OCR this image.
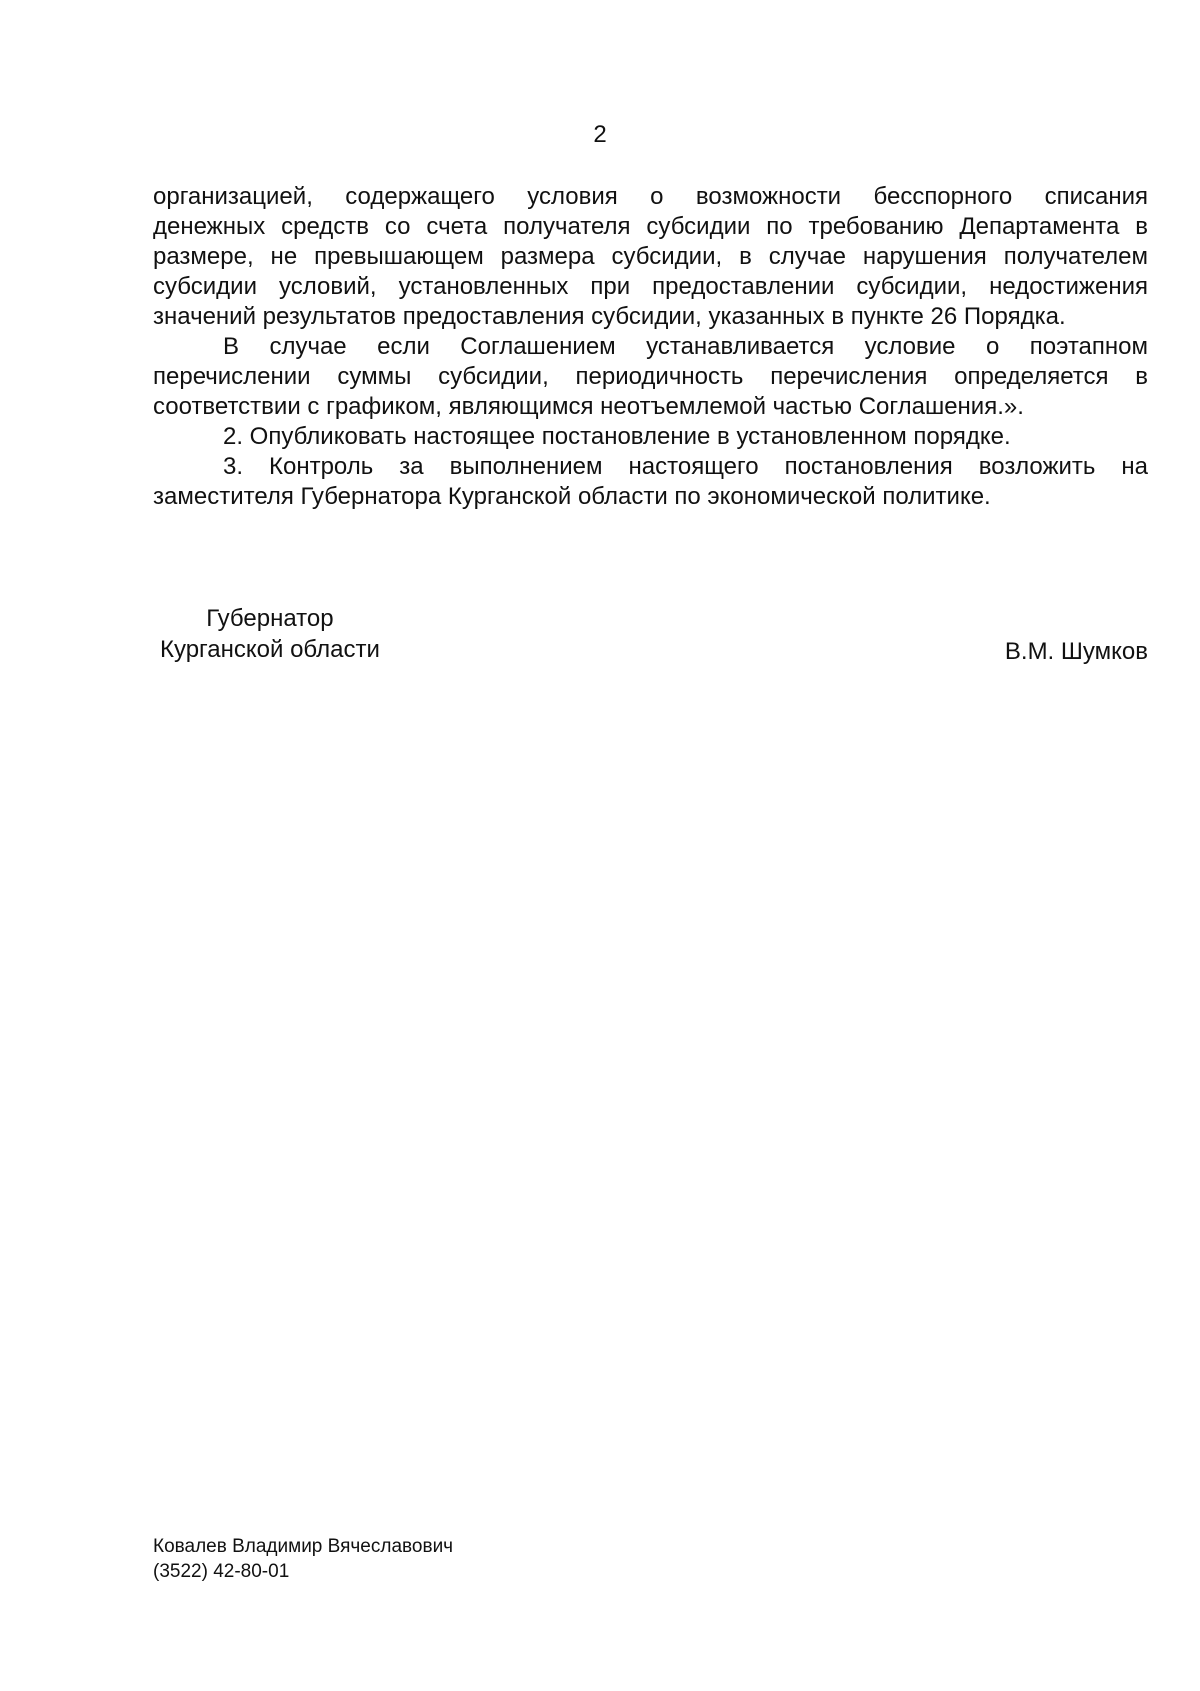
2
организацией, содержащего условия о возможности бесспорного списания
денежных средств со счета получателя субсидии по требованию Департамента в
размере, не превышающем размера субсидии, в случае нарушения получателем
субсидии условий, установленных при предоставлении субсидии, недостижения
значений результатов предоставления субсидии, указанных в пункте 26 Порядка.
В случае если Соглашением устанавливается условие о поэтапном
перечислении суммы субсидии, периодичность перечисления определяется в
соответствии с графиком, являющимся неотъемлемой частью Соглашения.».
2. Опубликовать настоящее постановление в установленном порядке.
3. Контроль за выполнением настоящего постановления возложить на
заместителя Губернатора Курганской области по экономической политике.
Губернатор
Курганской области	В.М. Шумков
Ковалев Владимир Вячеславович
(3522) 42-80-01
